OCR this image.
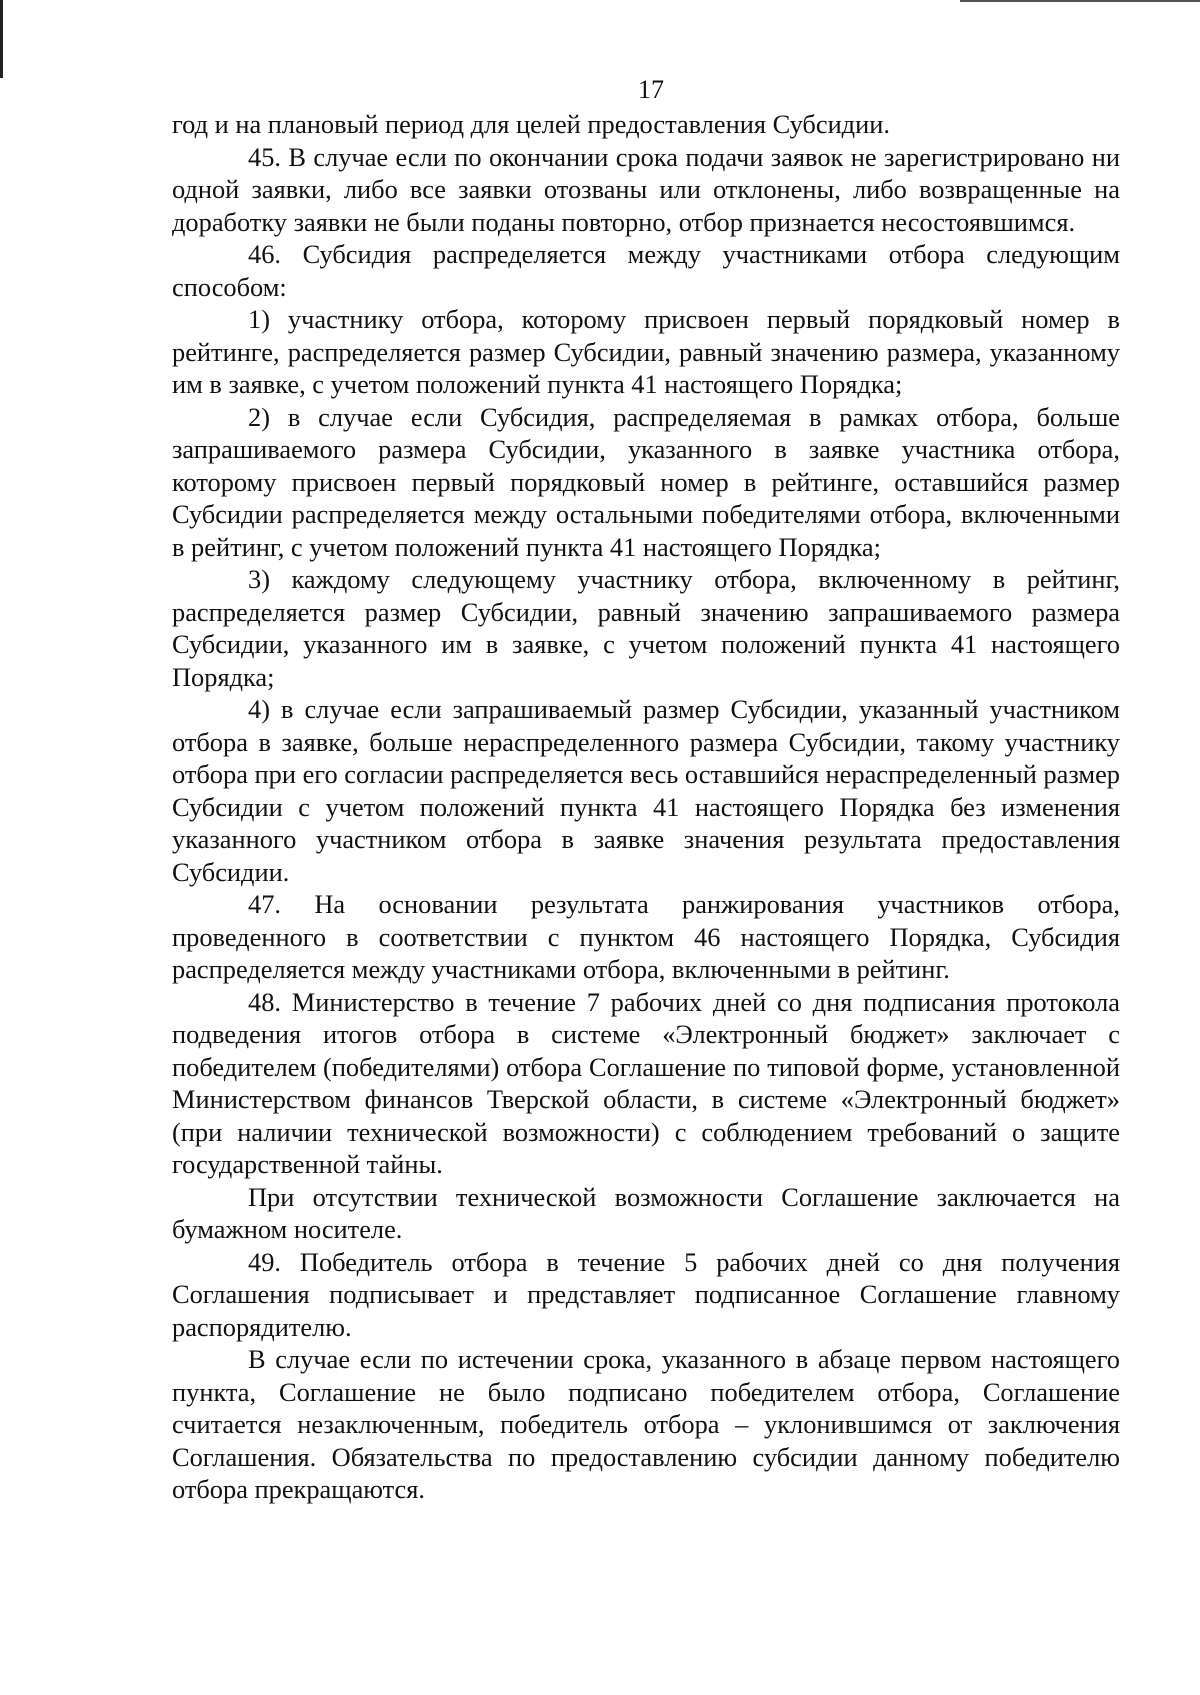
17

год и на плановый период для целей предоставления Субсидии.

45. В случае если по окончании срока подачи заявок не зарегистрировано ни одной заявки, либо все заявки отозваны или отклонены, либо возвращенные на доработку заявки не были поданы повторно, отбор признается несостоявшимся.

46. Субсидия распределяется между участниками отбора следующим способом:

1) участнику отбора, которому присвоен первый порядковый номер в рейтинге, распределяется размер Субсидии, равный значению размера, указанному им в заявке, с учетом положений пункта 41 настоящего Порядка;

2) в случае если Субсидия, распределяемая в рамках отбора, больше запрашиваемого размера Субсидии, указанного в заявке участника отбора, которому присвоен первый порядковый номер в рейтинге, оставшийся размер Субсидии распределяется между остальными победителями отбора, включенными в рейтинг, с учетом положений пункта 41 настоящего Порядка;

3) каждому следующему участнику отбора, включенному в рейтинг, распределяется размер Субсидии, равный значению запрашиваемого размера Субсидии, указанного им в заявке, с учетом положений пункта 41 настоящего Порядка;

4) в случае если запрашиваемый размер Субсидии, указанный участником отбора в заявке, больше нераспределенного размера Субсидии, такому участнику отбора при его согласии распределяется весь оставшийся нераспределенный размер Субсидии с учетом положений пункта 41 настоящего Порядка без изменения указанного участником отбора в заявке значения результата предоставления Субсидии.

47. На основании результата ранжирования участников отбора, проведенного в соответствии с пунктом 46 настоящего Порядка, Субсидия распределяется между участниками отбора, включенными в рейтинг.

48. Министерство в течение 7 рабочих дней со дня подписания протокола подведения итогов отбора в системе «Электронный бюджет» заключает с победителем (победителями) отбора Соглашение по типовой форме, установленной Министерством финансов Тверской области, в системе «Электронный бюджет» (при наличии технической возможности) с соблюдением требований о защите государственной тайны.

При отсутствии технической возможности Соглашение заключается на бумажном носителе.

49. Победитель отбора в течение 5 рабочих дней со дня получения Соглашения подписывает и представляет подписанное Соглашение главному распорядителю.

В случае если по истечении срока, указанного в абзаце первом настоящего пункта, Соглашение не было подписано победителем отбора, Соглашение считается незаключенным, победитель отбора – уклонившимся от заключения Соглашения. Обязательства по предоставлению субсидии данному победителю отбора прекращаются.
